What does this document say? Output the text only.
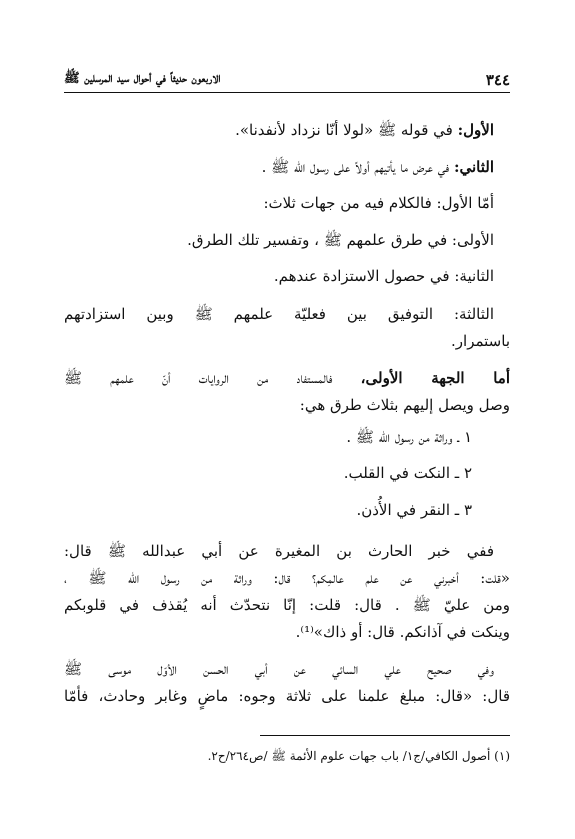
٣٤٤
الاربعون حديثاً في أحوال سيد المرسلين ﷺ
الأول: في قوله ﷺ «لولا أنّا نزداد لأنفدنا».
الثاني: في عرض ما يأتيهم أولاً على رسول الله ﷺ .
أمّا الأول: فالكلام فيه من جهات ثلاث:
الأولى: في طرق علمهم ﷺ ، وتفسير تلك الطرق.
الثانية: في حصول الاستزادة عندهم.
الثالثة: التوفيق بين فعليّة علمهم ﷺ وبين استزادتهم
باستمرار.
أما الجهة الأولى، فالمستفاد من الروايات أنّ علمهم ﷺ
وصل ويصل إليهم بثلاث طرق هي:
١ ـ وراثة من رسول الله ﷺ .
٢ ـ النكت في القلب.
٣ ـ النقر في الأُذن.
ففي خبر الحارث بن المغيرة عن أبي عبدالله ﷺ قال:
«قلت: أخبرني عن علم عالمِكم؟ قال: وراثة من رسول الله ﷺ ،
ومن عليّ ﷺ . قال: قلت: إنّا نتحدّث أنه يُقذف في قلوبكم
وينكت في آذانكم. قال: أو ذاك»⁽¹⁾.
وفي صحيح علي السائي عن أبي الحسن الأوّل موسى ﷺ
قال: «قال: مبلغ علمنا على ثلاثة وجوه: ماضٍ وغابر وحادث، فأمّا
(١) أصول الكافي/ج١/ باب جهات علوم الأئمة ﷺ /ص٢٦٤/ح٢.
